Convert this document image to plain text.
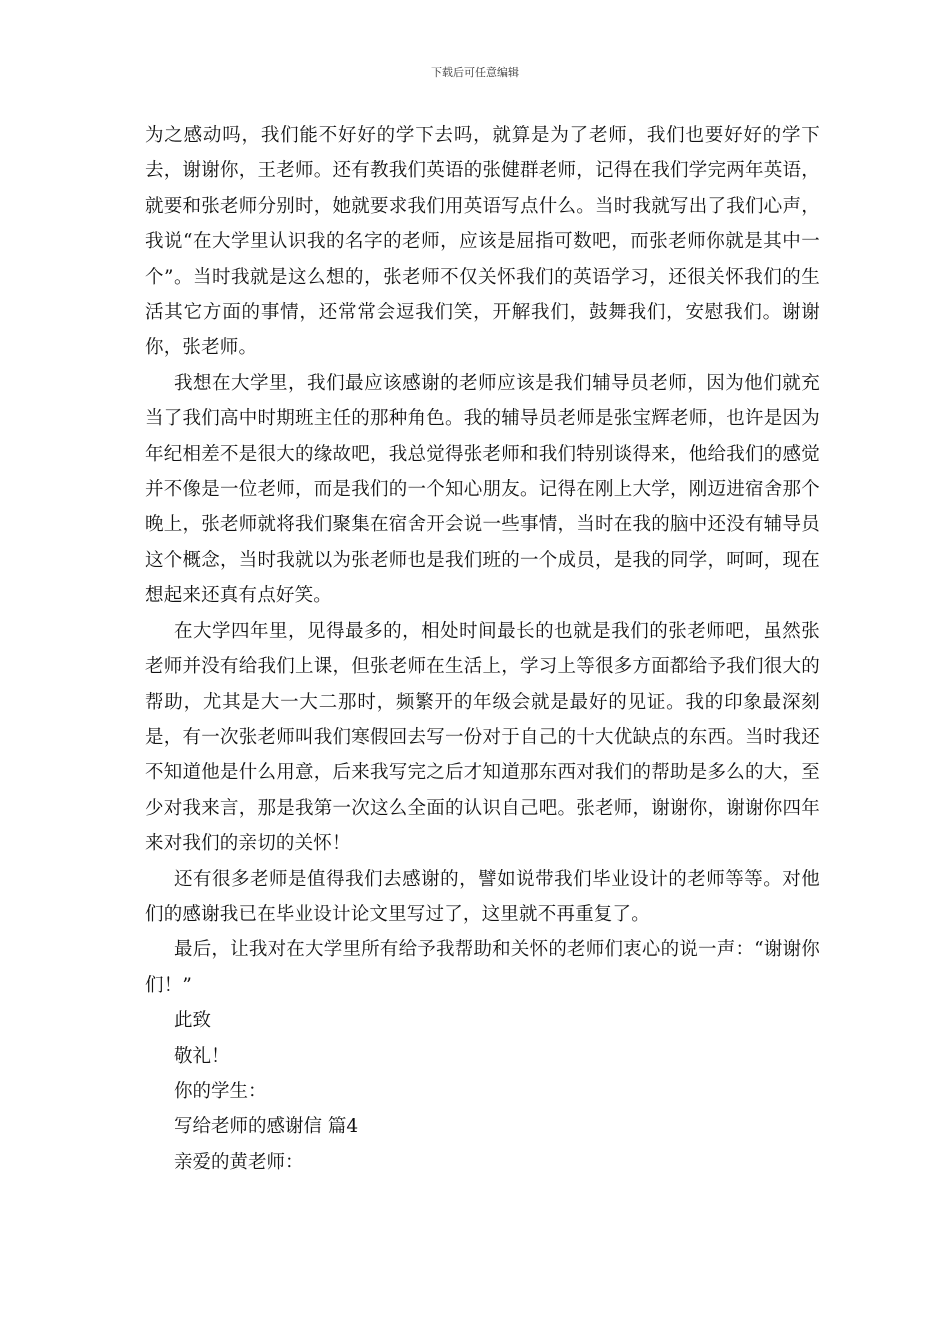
下载后可任意编辑

为之感动吗，我们能不好好的学下去吗，就算是为了老师，我们也要好好的学下去，谢谢你，王老师。还有教我们英语的张健群老师，记得在我们学完两年英语，就要和张老师分别时，她就要求我们用英语写点什么。当时我就写出了我们心声，我说“在大学里认识我的名字的老师，应该是屈指可数吧，而张老师你就是其中一个”。当时我就是这么想的，张老师不仅关怀我们的英语学习，还很关怀我们的生活其它方面的事情，还常常会逗我们笑，开解我们，鼓舞我们，安慰我们。谢谢你，张老师。

我想在大学里，我们最应该感谢的老师应该是我们辅导员老师，因为他们就充当了我们高中时期班主任的那种角色。我的辅导员老师是张宝辉老师，也许是因为年纪相差不是很大的缘故吧，我总觉得张老师和我们特别谈得来，他给我们的感觉并不像是一位老师，而是我们的一个知心朋友。记得在刚上大学，刚迈进宿舍那个晚上，张老师就将我们聚集在宿舍开会说一些事情，当时在我的脑中还没有辅导员这个概念，当时我就以为张老师也是我们班的一个成员，是我的同学，呵呵，现在想起来还真有点好笑。

在大学四年里，见得最多的，相处时间最长的也就是我们的张老师吧，虽然张老师并没有给我们上课，但张老师在生活上，学习上等很多方面都给予我们很大的帮助，尤其是大一大二那时，频繁开的年级会就是最好的见证。我的印象最深刻是，有一次张老师叫我们寒假回去写一份对于自己的十大优缺点的东西。当时我还不知道他是什么用意，后来我写完之后才知道那东西对我们的帮助是多么的大，至少对我来言，那是我第一次这么全面的认识自己吧。张老师，谢谢你，谢谢你四年来对我们的亲切的关怀！

还有很多老师是值得我们去感谢的，譬如说带我们毕业设计的老师等等。对他们的感谢我已在毕业设计论文里写过了，这里就不再重复了。

最后，让我对在大学里所有给予我帮助和关怀的老师们衷心的说一声：“谢谢你们！”

此致

敬礼！

你的学生：

写给老师的感谢信 篇4

亲爱的黄老师：
